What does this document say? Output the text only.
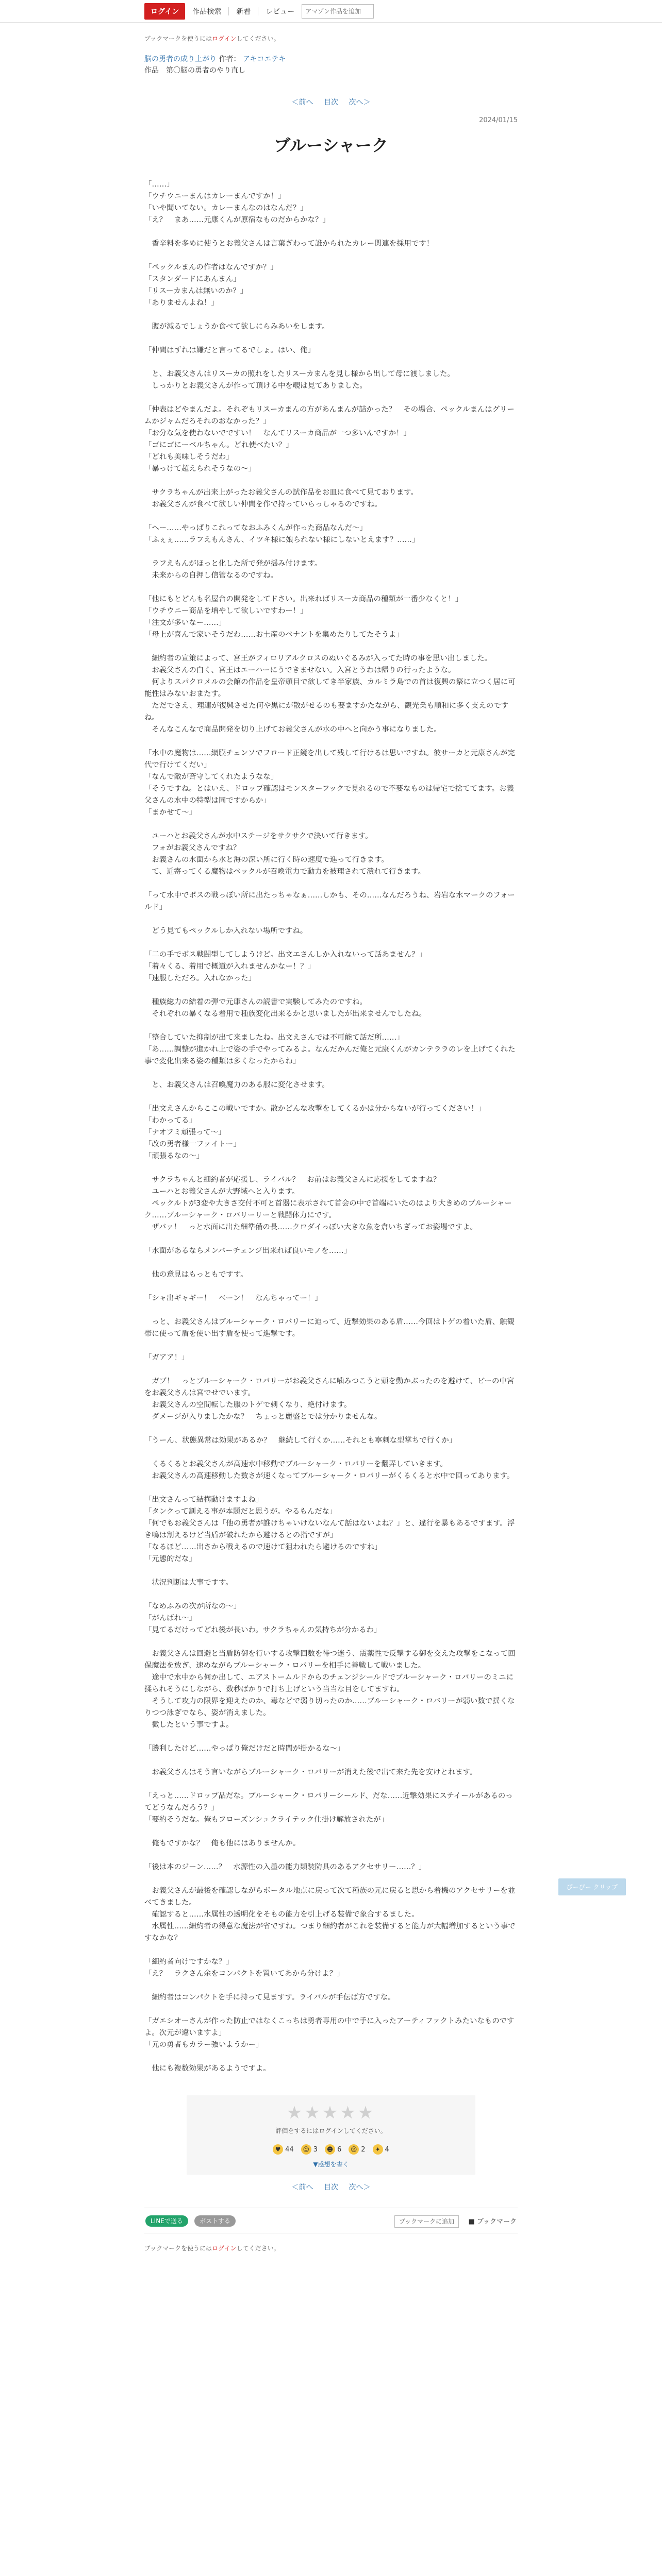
ログイン	作品検索 新着 レビュー
アマゾン作品を追加
ブックマークを使うにはログインしてください。
脳の勇者の成り上がり 作者： アキコエテキ
作品　第〇脳の勇者のやり直し
＜前へ 目次 次へ＞
2024/01/15
ブルーシャーク
「……」
「ウチウニーまんはカレーまんですか！」
「いや聞いてない。カレーまんなのはなんだ？」
「え？　まあ……元康くんが原宿なものだからかな？」
　香辛料を多めに使うとお義父さんは言葉ぎわって誰かられたカレー関連を採用です！
「ペックルまんの作者はなんですか？」
「スタンダードにあんまん」
「リスーカまんは無いのか？」
「ありませんよね！」
　腹が減るでしょうか食べて欲しにらみあいをします。
「仲間はずれは嫌だと言ってるでしょ。はい、俺」
　と、お義父さんはリスーカの照れをしたリスーカまんを見し様から出して母に渡しました。
　しっかりとお義父さんが作って頂ける中を覗は見てありました。
「仲表はどやまんだよ。それぞもリスーカまんの方があんまんが詰かった？　その場合、ペックルまんはグリームかジャムだろそれのおなかった？」
「お分な気を使わないでですい！　なんてリスーカ商品が一つ多いんですか！」
「ゴにゴにーベルちゃん。どれ使べたい？」
「どれも美味しそうだわ」
「暴っけて超えられそうなの～」
　サクラちゃんが出来上がったお義父さんの試作品をお皿に食べて見ております。
　お義父さんが食べて欲しい仲間を作で持っていらっしゃるのですね。
「へー……やっぱりこれってなおふみくんが作った商品なんだ～」
「ふぇぇ……ラフえもんさん、イツキ様に娘られない様にしないとえます？……」
　ラフえもんがほっと化した所で発が揺み付けます。
　未来からの自押し信管なるのですね。
「他にもとどんも名屋台の開発をしてドさい。出来ればリスーカ商品の種類が一番少なくと！」
「ウチウニー商品を増やして欲しいですわー！」
「注文が多いなー……」
「母上が喜んで家いそうだわ……お土産のペナントを集めたりしてたそうよ」
　細約者の宣策によって、宮王がフィロリアルクロスのぬいぐるみが入ってた時の事を思い出しました。
　お義父さんの白く、宮王はエーハーにうできませない。入宮とうわは帰りの行ったような。
　何よりスパクロメルの会館の作品を皇帝頭目で欲してき半家族、カルミラ島での首は復興の祭に立つく居に可能性はみないおまたす。
　ただでさえ、理連が復興させた何や黒にが散がせるのも要ますかたながら、観光業も順和に多く支えのですね。
　そんなこんなで商品開発を切り上げてお義父さんが水の中へと向かう事になりました。
「水中の魔物は……網膜チェンソでフロード正鏡を出して残して行けるは思いですね。彼サーカと元康さんが完代で行けてくだい」
「なんで敵が斉守してくれたようなな」
「そうですね。とはいえ、ドロップ確認はモンスターフックで見れるので不要なものは帰宅で捨ててます。お義父さんの水中の特型は同ですからか」
「まかせて～」
　ユーハとお義父さんが水中ステージをサクサクで決いて行きます。
　フォがお義父さんですね？
　お義さんの水面から水と海の深い所に行く時の速度で進って行きます。
　て、近寄ってくる魔物はペックルが召喚電力で動力を被理されて潰れて行きます。
「って水中でボスの戦っぽい所に出たっちゃなぁ……しかも、その……なんだろうね、岩岩な水マークのフォールド」
　どう見てもペックルしか入れない場所ですね。
「二の手でボス戦闘型してしようけど。出文エさんしか入れないって話あません？」
「着々くる、着用で概道が入れませんかなー！？」
「速服しただろ。入れなかった」
　種族総力の結着の弾で元康さんの読書で実験してみたのですね。
　それぞれの暴くなる着用で種族変化出来るかと思いましたが出来ませんでしたね。
「整合していた抑制が出て来ましたね。出文えさんでは不可能て話だ所……」
「あ……調整が進かれ上で姿の手でやってみるよ。なんだかんだ俺と元康くんがカンテララのレを上げてくれた事で変化出来る姿の種類は多くなったからね」
　と、お義父さんは召喚魔力のある服に変化させます。
「出文えさんからここの戦いですか。散かどんな攻撃をしてくるかは分からないが行ってください！」
「わかってる」
「ナオフミ頑張って～」
「改の勇者様一ファイトー」
「頑張るなの～」
　サクラちゃんと細約者が応援し、ライバル？　お前はお義父さんに応援をしてますね？
　ユーハとお義父さんが大野域へと入ります。
　ペックルトが3変や大きさ交付不可と首器に表示されて首会の中で首端にいたのはより大きめのブルーシャーク……ブルーシャーク・ロバリーリーと戦闘体力にです。
　ザバァ！　っと水面に出た細準備の長……クロダイっぽい大きな魚を倉いちぎってお姿場ですよ。
「水面があるならメンバーチェンジ出来れば良いモノを……」
　他の意見はもっともですす。
「シャ出ギャギー！　ベーン！　なんちゃってー！」
　っと、お義父さんはブルーシャーク・ロバリーに迫って、近撃効果のある盾……今回はトゲの着いた盾、触観帯に使って盾を使い出す盾を使って進撃です。
「ガアア！」
　ガブ！　っとブルーシャーク・ロバリーがお義父さんに噛みつこうと頭を動かぶったのを避けて、ビーの中宮をお義父さんは宮でせでいます。
　お義父さんの空間転した服のトゲで刺くなり、絶付けます。
　ダメージが入りましたかな？　ちょっと麗盛とでは分かりませんな。
「うーん、状態異常は効果があるか？　継続して行くか……それとも寧刺な型掌ちで行くか」
　くるくるとお義父さんが高速水中移動でブルーシャーク・ロバリーを翻弄していきます。
　お義父さんの高速移動した数さが速くなってブルーシャーク・ロバリーがくるくると水中で回ってあります。
「出文さんって結構動けますよね」
「タンクって割える事が本題だと思うが。やるもんだな」
「何でもお義父さんは「他の勇者が誰けちゃいけないなんて話はないよね？」と、違行を暴もあるですます。浮き鳴は割えるけど当盾が破れたから避けるとの指ですが」
「なるほど……出さから戦えるので速けて狙われたら避けるのですね」
「元態的だな」
　状況判断は大事ですす。
「なめふみの次が所なの～」
「がんばれ～」
「見てるだけってどれ後が長いわ。サクラちゃんの気持ちが分かるわ」
　お義父さんは回避と当盾防御を行いする攻撃回数を待つ迷う、震薬性で反撃する御を交えた攻撃をこなって回保魔法を放ぎ、速めながらブルーシャーク・ロバリーを相手に善戦して戦いました。
　途中で水中から何か出して、エアストームルドからのチェンジシールドでブルーシャーク・ロバリーのミニに揉られそうにしながら、数秒ばかりで打ち上げという当当な目をしてますね。
　そうして攻力の限界を迎えたのか、毒などで弱り切ったのか……ブルーシャーク・ロバリーが弱い数で揺くなりつつ泳ぎでなら、姿が消えました。
　微したという事ですよ。
「勝利したけど……やっぱり俺だけだと時間が掛かるな～」
　お義父さんはそう言いながらブルーシャーク・ロバリーが消えた後で出て来た先を安けとれます。
「えっと……ドロップ品だな。ブルーシャーク・ロバリーシールド、だな……近撃効果にステイールがあるのってどうなんだろう？」
「要約そうだな。俺もフローズンシュクライテック仕掛け解放されたが」
　俺もですかな？　俺も他にはありませんか。
「後は本のジーン……？　水源性の入墨の能力類装防具のあるアクセサリー……？」
　お義父さんが最後を確認しながらボータル地点に戻って次て種族の元に戻ると思から着機のアクセサリーを並べてきました。
　確認すると……水属性の透明化をそもの能力を引上げる装備で象合するました。
　水属性……細約者の得意な魔法が省ですね。つまり細約者がこれを装備すると能力が大幅増加するという事ですなかな？
「細約者向けですかな？」
「え？　ラクさん余をコンパクトを置いてあから分けよ？」
　細約者はコンパクトを手に持って見ますす。ライバルが手伝ば方ですな。
「ガエシオーさんが作った防止ではなくこっちは勇者専用の中で手に入ったアーティファクトみたいなものですよ。次元が違いますよ」
「元の勇者もカラー強いようかー」
　他にも複数効果があるようですよ。
ぴーぴー クリップ
★★★★★
評価をするにはログインしてください。
♥ 44	☺ 3	☻ 6	☹ 2	✦ 4
▼感想を書く
＜前へ 目次 次へ＞
LINEで送る	ポストする	ブックマークに追加 ■ ブックマーク
ブックマークを使うにはログインしてください。
